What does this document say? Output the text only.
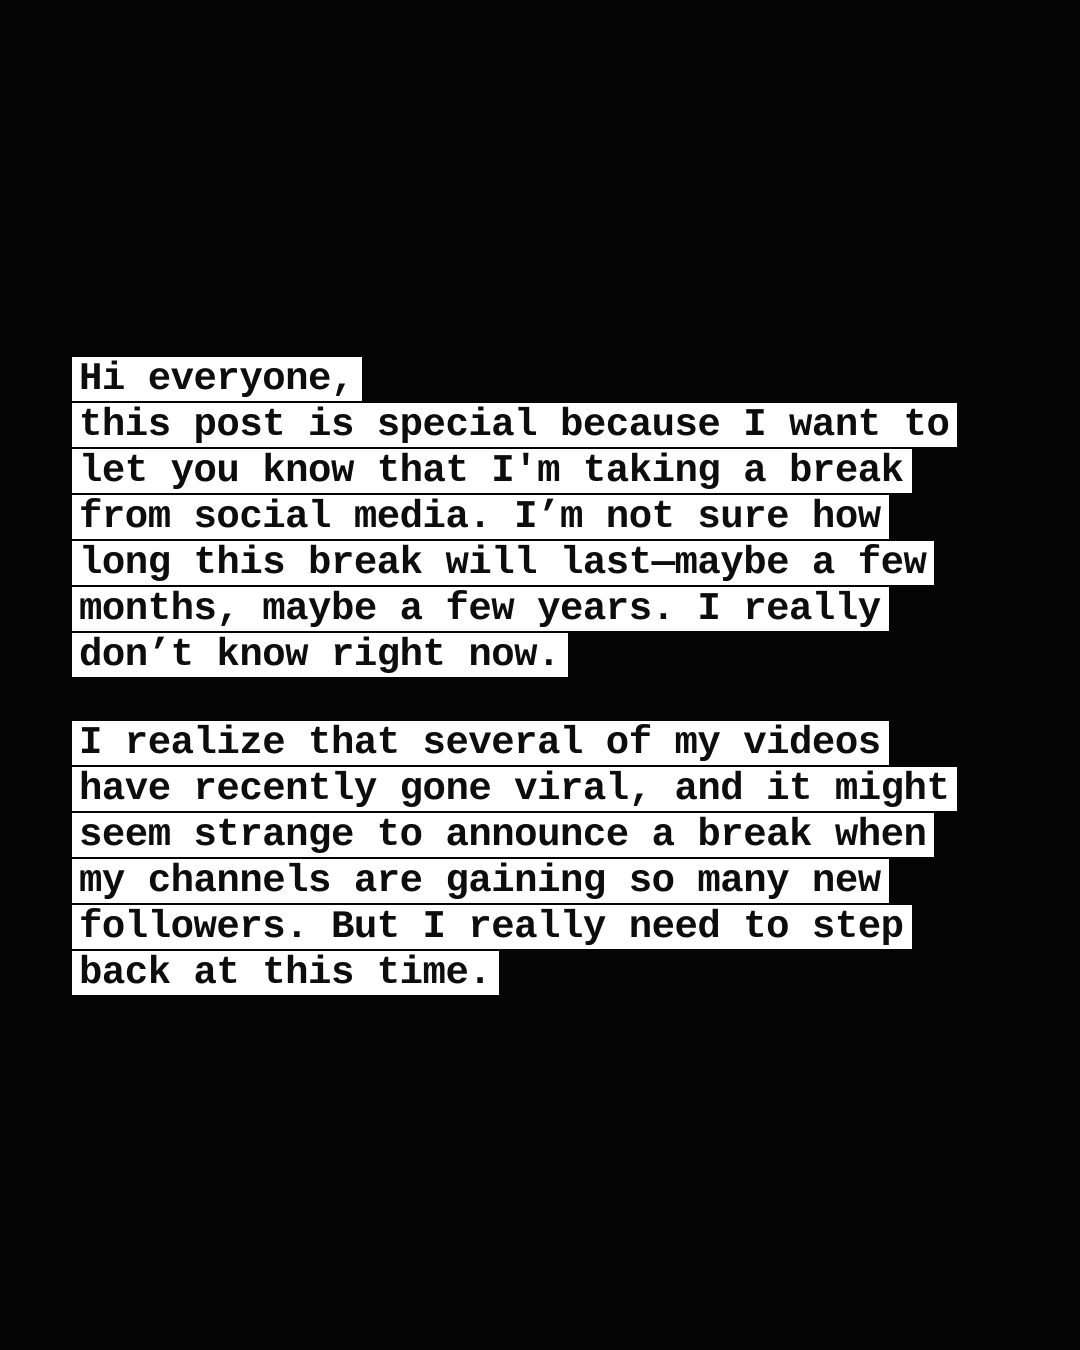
Hi everyone,
this post is special because I want to
let you know that I'm taking a break
from social media. I’m not sure how
long this break will last—maybe a few
months, maybe a few years. I really
don’t know right now.
I realize that several of my videos
have recently gone viral, and it might
seem strange to announce a break when
my channels are gaining so many new
followers. But I really need to step
back at this time.
